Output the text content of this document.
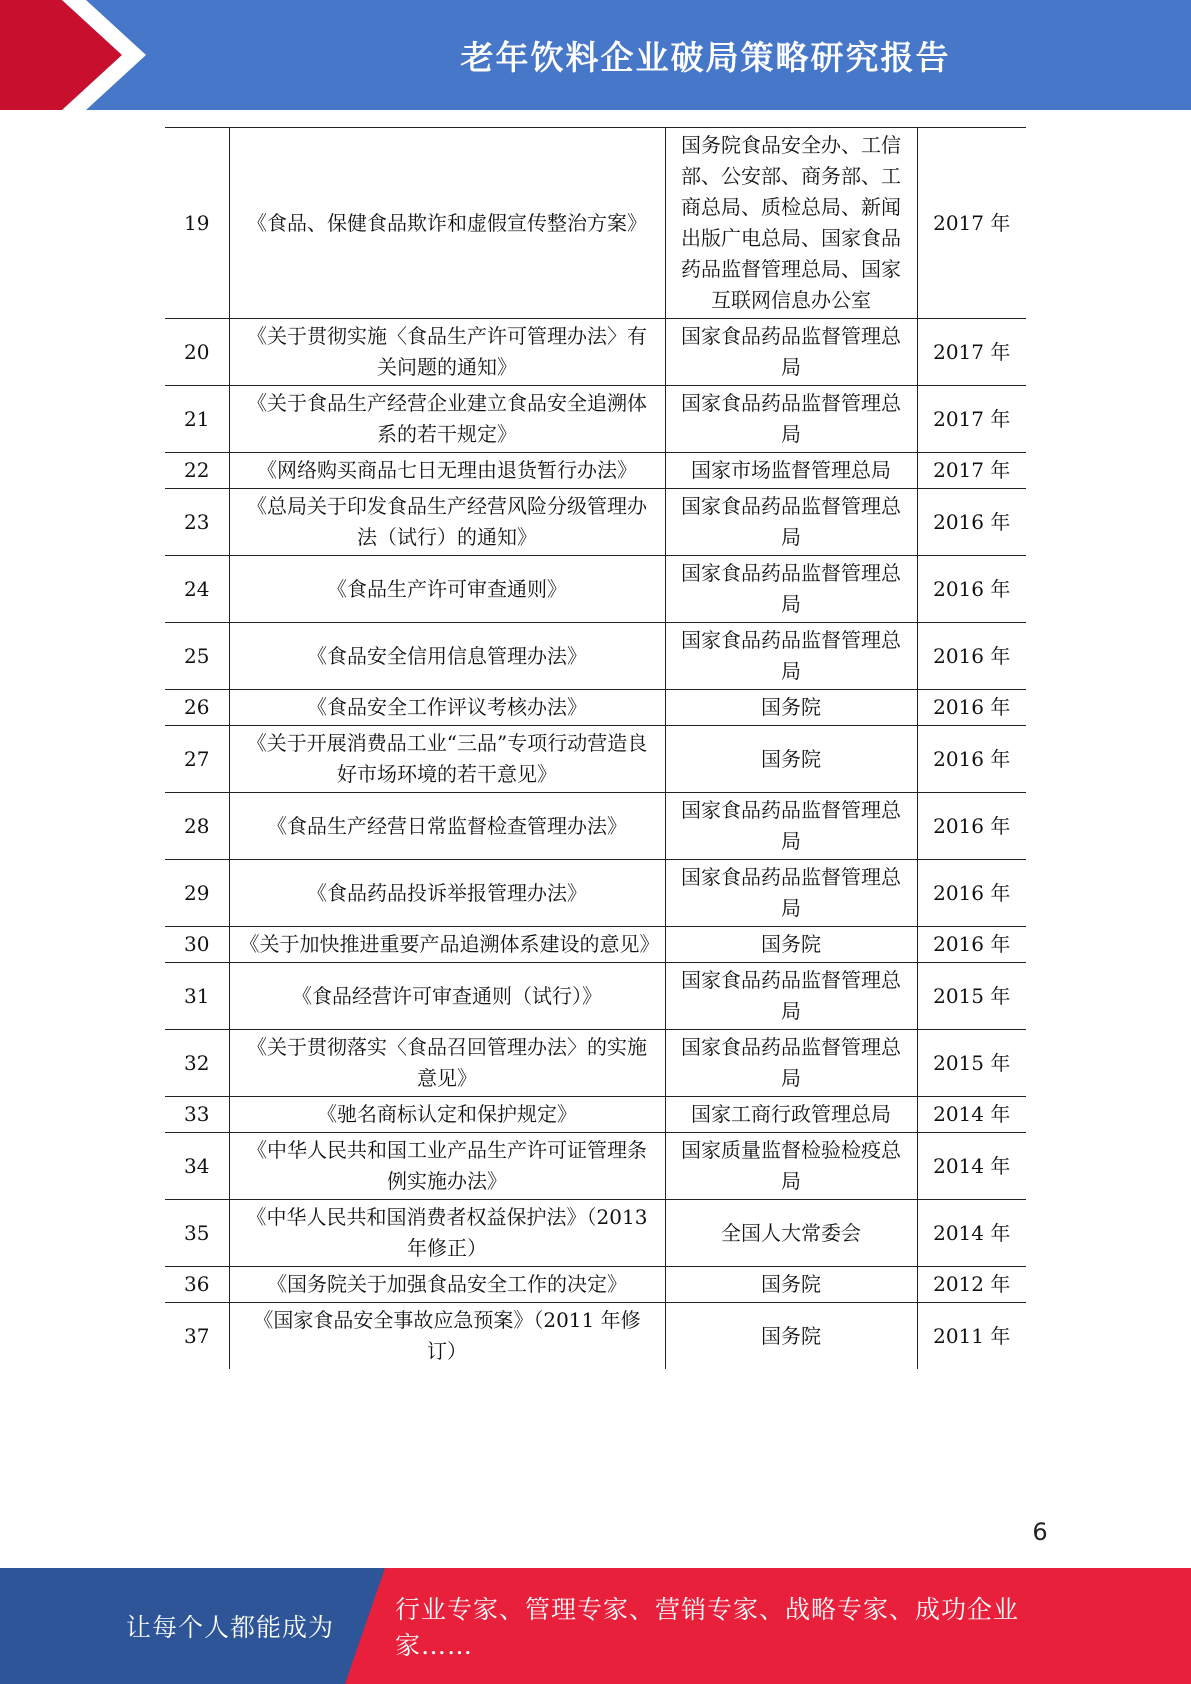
老年饮料企业破局策略研究报告
19	《食品、保健食品欺诈和虚假宣传整治方案》	国务院食品安全办、工信部、公安部、商务部、工商总局、质检总局、新闻出版广电总局、国家食品药品监督管理总局、国家互联网信息办公室	2017 年
20	《关于贯彻实施〈食品生产许可管理办法〉有关问题的通知》	国家食品药品监督管理总局	2017 年
21	《关于食品生产经营企业建立食品安全追溯体系的若干规定》	国家食品药品监督管理总局	2017 年
22	《网络购买商品七日无理由退货暂行办法》	国家市场监督管理总局	2017 年
23	《总局关于印发食品生产经营风险分级管理办法（试行）的通知》	国家食品药品监督管理总局	2016 年
24	《食品生产许可审查通则》	国家食品药品监督管理总局	2016 年
25	《食品安全信用信息管理办法》	国家食品药品监督管理总局	2016 年
26	《食品安全工作评议考核办法》	国务院	2016 年
27	《关于开展消费品工业“三品”专项行动营造良好市场环境的若干意见》	国务院	2016 年
28	《食品生产经营日常监督检查管理办法》	国家食品药品监督管理总局	2016 年
29	《食品药品投诉举报管理办法》	国家食品药品监督管理总局	2016 年
30	《关于加快推进重要产品追溯体系建设的意见》	国务院	2016 年
31	《食品经营许可审查通则（试行）》	国家食品药品监督管理总局	2015 年
32	《关于贯彻落实〈食品召回管理办法〉的实施意见》	国家食品药品监督管理总局	2015 年
33	《驰名商标认定和保护规定》	国家工商行政管理总局	2014 年
34	《中华人民共和国工业产品生产许可证管理条例实施办法》	国家质量监督检验检疫总局	2014 年
35	《中华人民共和国消费者权益保护法》（2013 年修正）	全国人大常委会	2014 年
36	《国务院关于加强食品安全工作的决定》	国务院	2012 年
37	《国家食品安全事故应急预案》（2011 年修订）	国务院	2011 年
6
让每个人都能成为
行业专家、管理专家、营销专家、战略专家、成功企业家……
